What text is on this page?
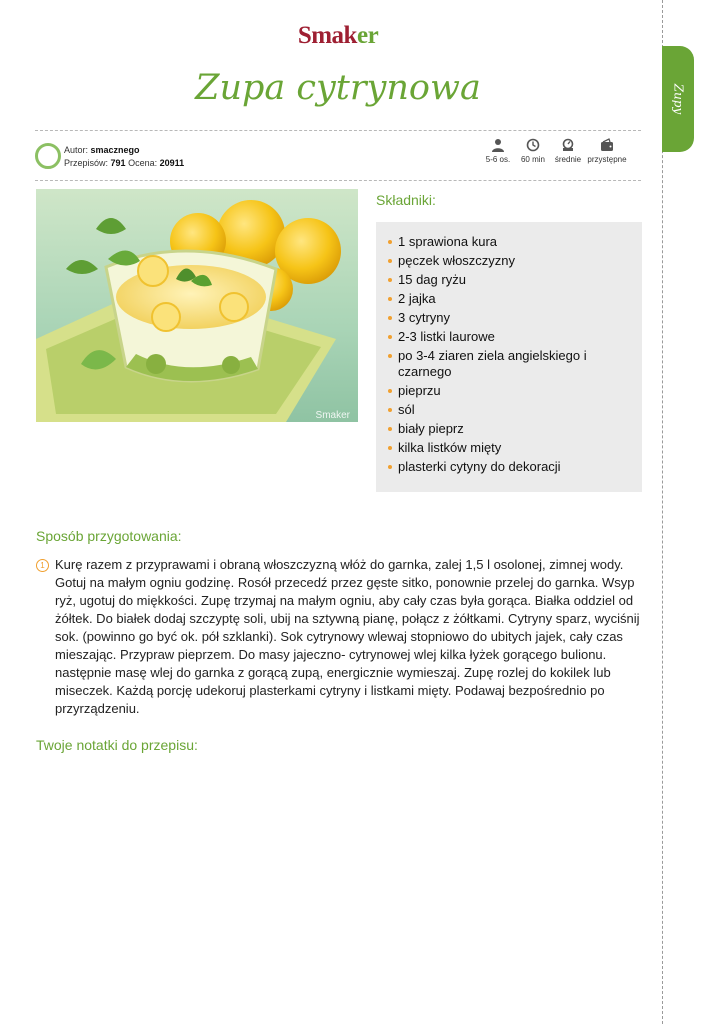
Zupy
Smaker
Zupa cytrynowa
Autor: smacznego
Przepisów: 791 Ocena: 20911	5-6 os.	60 min	średnie przystępne
Smaker
Składniki:
1 sprawiona kura
pęczek włoszczyzny
15 dag ryżu
2 jajka
3 cytryny
2-3 listki laurowe
po 3-4 ziaren ziela angielskiego i czarnego
pieprzu
sól
biały pieprz
kilka listków mięty
plasterki cytyny do dekoracji
Sposób przygotowania:
1 Kurę razem z przyprawami i obraną włoszczyzną włóż do garnka, zalej 1,5 l osolonej, zimnej wody. Gotuj na małym ogniu godzinę. Rosół przecedź przez gęste sitko, ponownie przelej do garnka. Wsyp ryż, ugotuj do miękkości. Zupę trzymaj na małym ogniu, aby cały czas była gorąca. Białka oddziel od żółtek. Do białek dodaj szczyptę soli, ubij na sztywną pianę, połącz z żółtkami. Cytryny sparz, wyciśnij sok. (powinno go być ok. pół szklanki). Sok cytrynowy wlewaj stopniowo do ubitych jajek, cały czas mieszając. Przypraw pieprzem. Do masy jajeczno- cytrynowej wlej kilka łyżek gorącego bulionu. następnie masę wlej do garnka z gorącą zupą, energicznie wymieszaj. Zupę rozlej do kokilek lub miseczek. Każdą porcję udekoruj plasterkami cytryny i listkami mięty. Podawaj bezpośrednio po przyrządzeniu.
Twoje notatki do przepisu:
